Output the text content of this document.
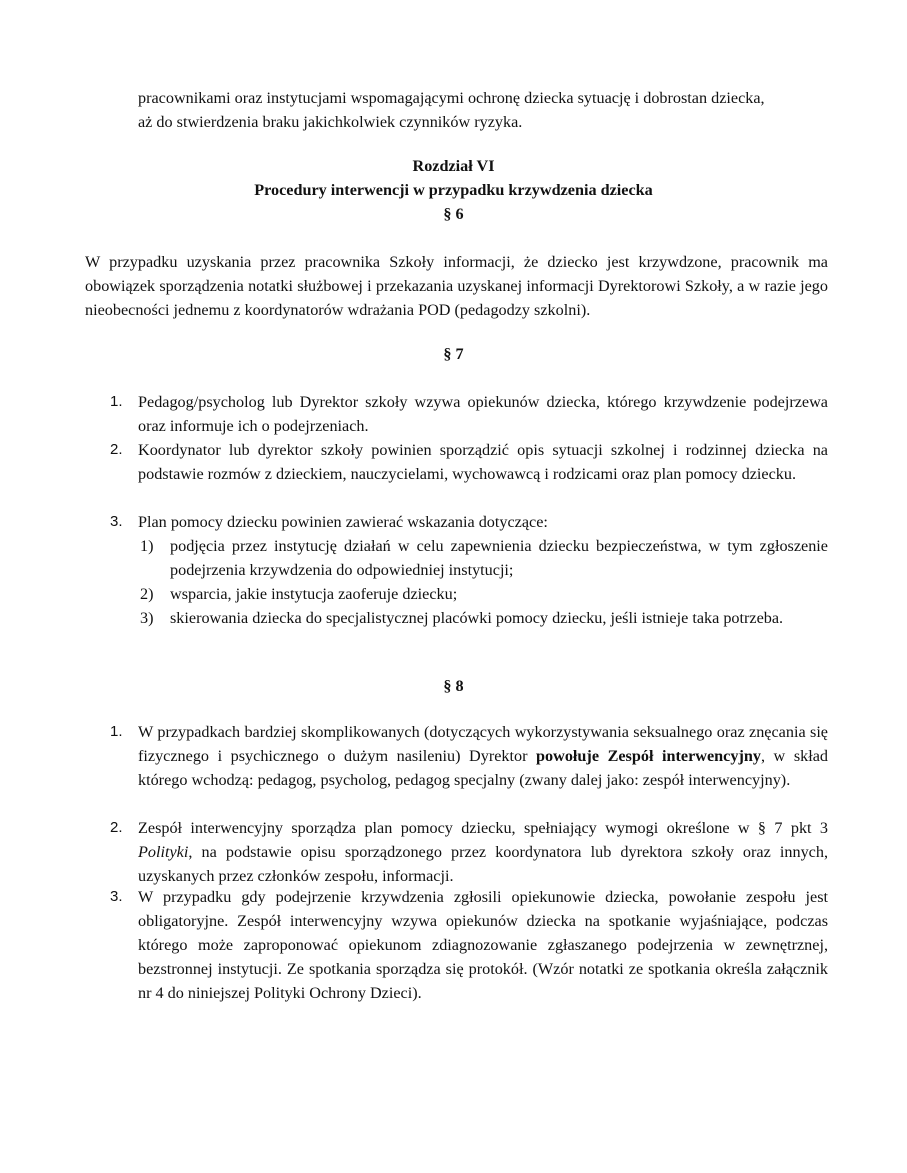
pracownikami oraz instytucjami wspomagającymi ochronę dziecka sytuację i dobrostan dziecka,
aż do stwierdzenia braku jakichkolwiek czynników ryzyka.
Rozdział VI
Procedury interwencji w przypadku krzywdzenia dziecka
§ 6
W przypadku uzyskania przez pracownika Szkoły informacji, że dziecko jest krzywdzone, pracownik ma obowiązek sporządzenia notatki służbowej i przekazania uzyskanej informacji Dyrektorowi Szkoły, a w razie jego nieobecności jednemu z koordynatorów wdrażania POD (pedagodzy szkolni).
§ 7
1. Pedagog/psycholog lub Dyrektor szkoły wzywa opiekunów dziecka, którego krzywdzenie podejrzewa oraz informuje ich o podejrzeniach.
2. Koordynator lub dyrektor szkoły powinien sporządzić opis sytuacji szkolnej i rodzinnej dziecka na podstawie rozmów z dzieckiem, nauczycielami, wychowawcą i rodzicami oraz plan pomocy dziecku.
3. Plan pomocy dziecku powinien zawierać wskazania dotyczące:
1) podjęcia przez instytucję działań w celu zapewnienia dziecku bezpieczeństwa, w tym zgłoszenie podejrzenia krzywdzenia do odpowiedniej instytucji;
2) wsparcia, jakie instytucja zaoferuje dziecku;
3) skierowania dziecka do specjalistycznej placówki pomocy dziecku, jeśli istnieje taka potrzeba.
§ 8
1. W przypadkach bardziej skomplikowanych (dotyczących wykorzystywania seksualnego oraz znęcania się fizycznego i psychicznego o dużym nasileniu) Dyrektor powołuje Zespół interwencyjny, w skład którego wchodzą: pedagog, psycholog, pedagog specjalny (zwany dalej jako: zespół interwencyjny).
2. Zespół interwencyjny sporządza plan pomocy dziecku, spełniający wymogi określone w § 7 pkt 3 Polityki, na podstawie opisu sporządzonego przez koordynatora lub dyrektora szkoły oraz innych, uzyskanych przez członków zespołu, informacji.
3. W przypadku gdy podejrzenie krzywdzenia zgłosili opiekunowie dziecka, powołanie zespołu jest obligatoryjne. Zespół interwencyjny wzywa opiekunów dziecka na spotkanie wyjaśniające, podczas którego może zaproponować opiekunom zdiagnozowanie zgłaszanego podejrzenia w zewnętrznej, bezstronnej instytucji. Ze spotkania sporządza się protokół. (Wzór notatki ze spotkania określa załącznik nr 4 do niniejszej Polityki Ochrony Dzieci).
